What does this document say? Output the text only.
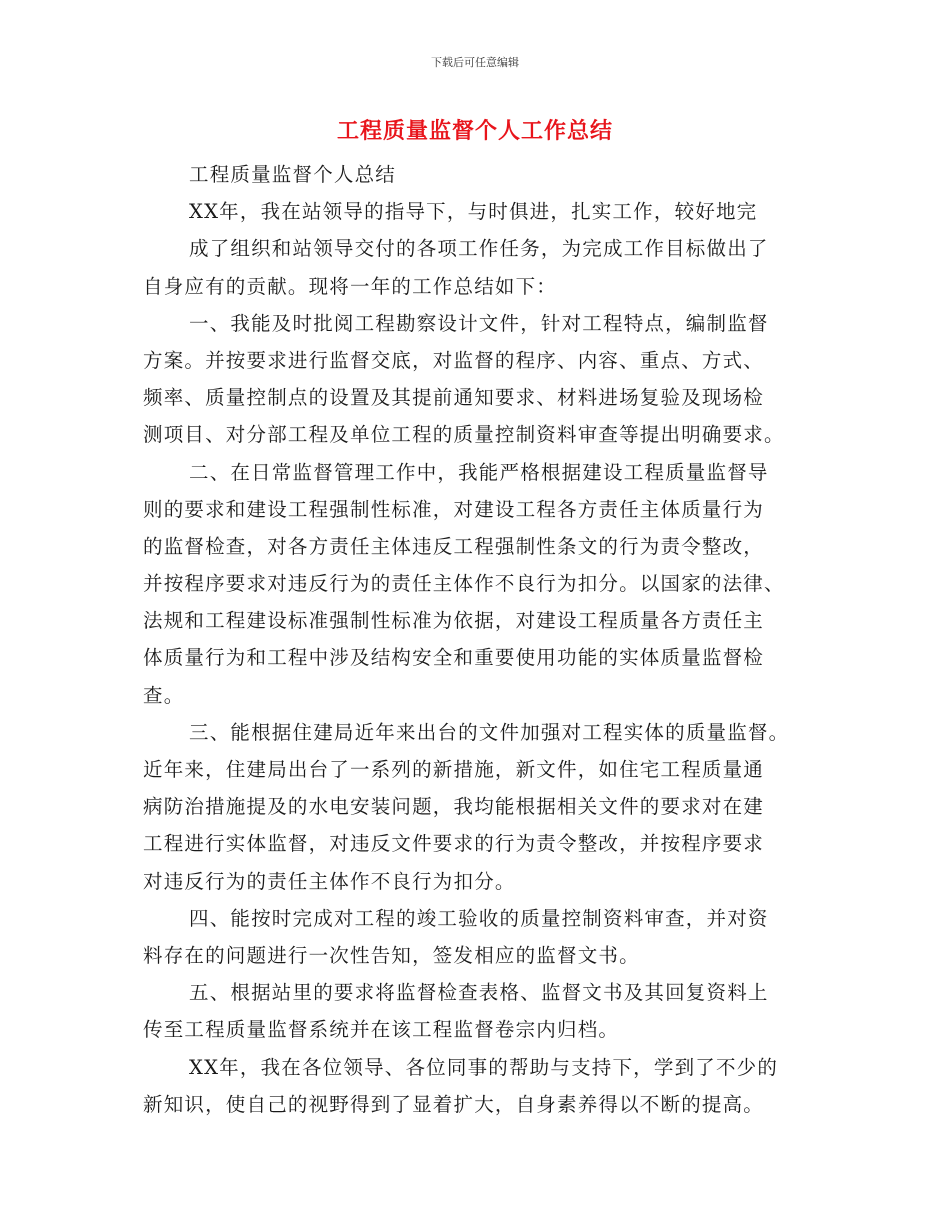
下载后可任意编辑
工程质量监督个人工作总结
工程质量监督个人总结
XX年，我在站领导的指导下，与时俱进，扎实工作，较好地完
成了组织和站领导交付的各项工作任务，为完成工作目标做出了
自身应有的贡献。现将一年的工作总结如下：
一、我能及时批阅工程勘察设计文件，针对工程特点，编制监督
方案。并按要求进行监督交底，对监督的程序、内容、重点、方式、
频率、质量控制点的设置及其提前通知要求、材料进场复验及现场检
测项目、对分部工程及单位工程的质量控制资料审查等提出明确要求。
二、在日常监督管理工作中，我能严格根据建设工程质量监督导
则的要求和建设工程强制性标准，对建设工程各方责任主体质量行为
的监督检查，对各方责任主体违反工程强制性条文的行为责令整改，
并按程序要求对违反行为的责任主体作不良行为扣分。以国家的法律、
法规和工程建设标准强制性标准为依据，对建设工程质量各方责任主
体质量行为和工程中涉及结构安全和重要使用功能的实体质量监督检
查。
三、能根据住建局近年来出台的文件加强对工程实体的质量监督。
近年来，住建局出台了一系列的新措施，新文件，如住宅工程质量通
病防治措施提及的水电安装问题，我均能根据相关文件的要求对在建
工程进行实体监督，对违反文件要求的行为责令整改，并按程序要求
对违反行为的责任主体作不良行为扣分。
四、能按时完成对工程的竣工验收的质量控制资料审查，并对资
料存在的问题进行一次性告知，签发相应的监督文书。
五、根据站里的要求将监督检查表格、监督文书及其回复资料上
传至工程质量监督系统并在该工程监督卷宗内归档。
XX年，我在各位领导、各位同事的帮助与支持下，学到了不少的
新知识，使自己的视野得到了显着扩大，自身素养得以不断的提高。
